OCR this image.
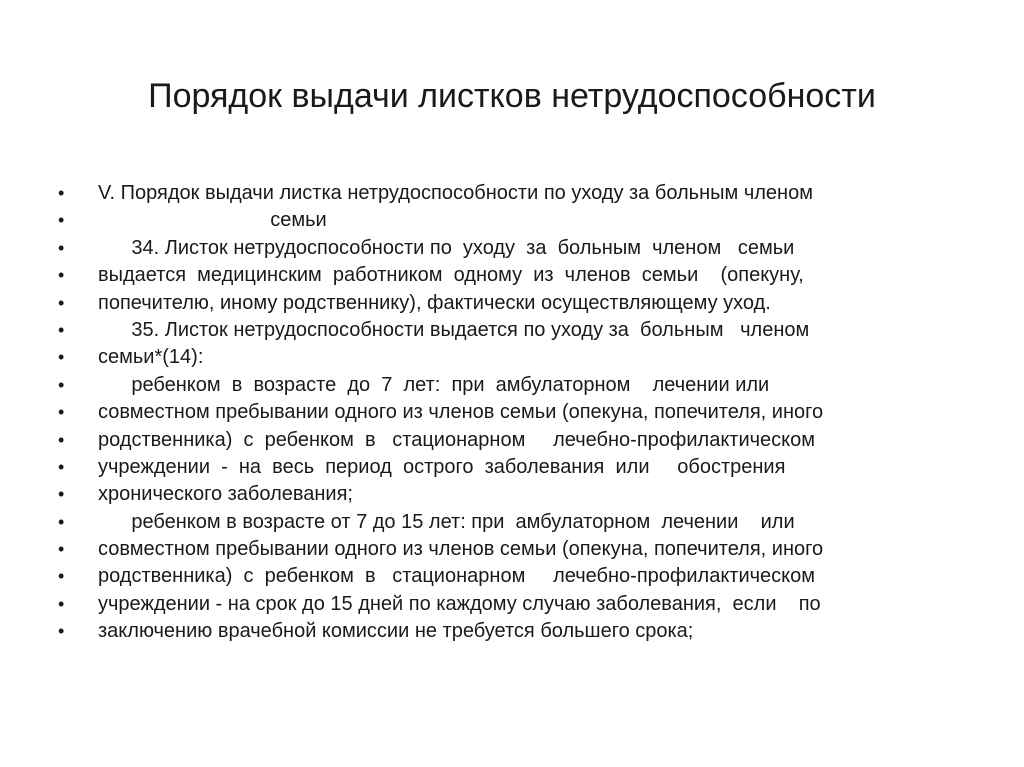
Порядок выдачи листков нетрудоспособности
•	V. Порядок выдачи листка нетрудоспособности по уходу за больным членом
•	семьи
•	34. Листок нетрудоспособности по  уходу  за  больным  членом   семьи
•	выдается  медицинским  работником  одному  из  членов  семьи    (опекуну,
•	попечителю, иному родственнику), фактически осуществляющему уход.
•	35. Листок нетрудоспособности выдается по уходу за  больным   членом
•	семьи*(14):
•	ребенком  в  возрасте  до  7  лет:  при  амбулаторном    лечении или
•	совместном пребывании одного из членов семьи (опекуна, попечителя, иного
•	родственника)  с  ребенком  в   стационарном     лечебно-профилактическом
•	учреждении  -  на  весь  период  острого  заболевания  или     обострения
•	хронического заболевания;
•	ребенком в возрасте от 7 до 15 лет: при  амбулаторном  лечении    или
•	совместном пребывании одного из членов семьи (опекуна, попечителя, иного
•	родственника)  с  ребенком  в   стационарном     лечебно-профилактическом
•	учреждении - на срок до 15 дней по каждому случаю заболевания,  если    по
•	заключению врачебной комиссии не требуется большего срока;
